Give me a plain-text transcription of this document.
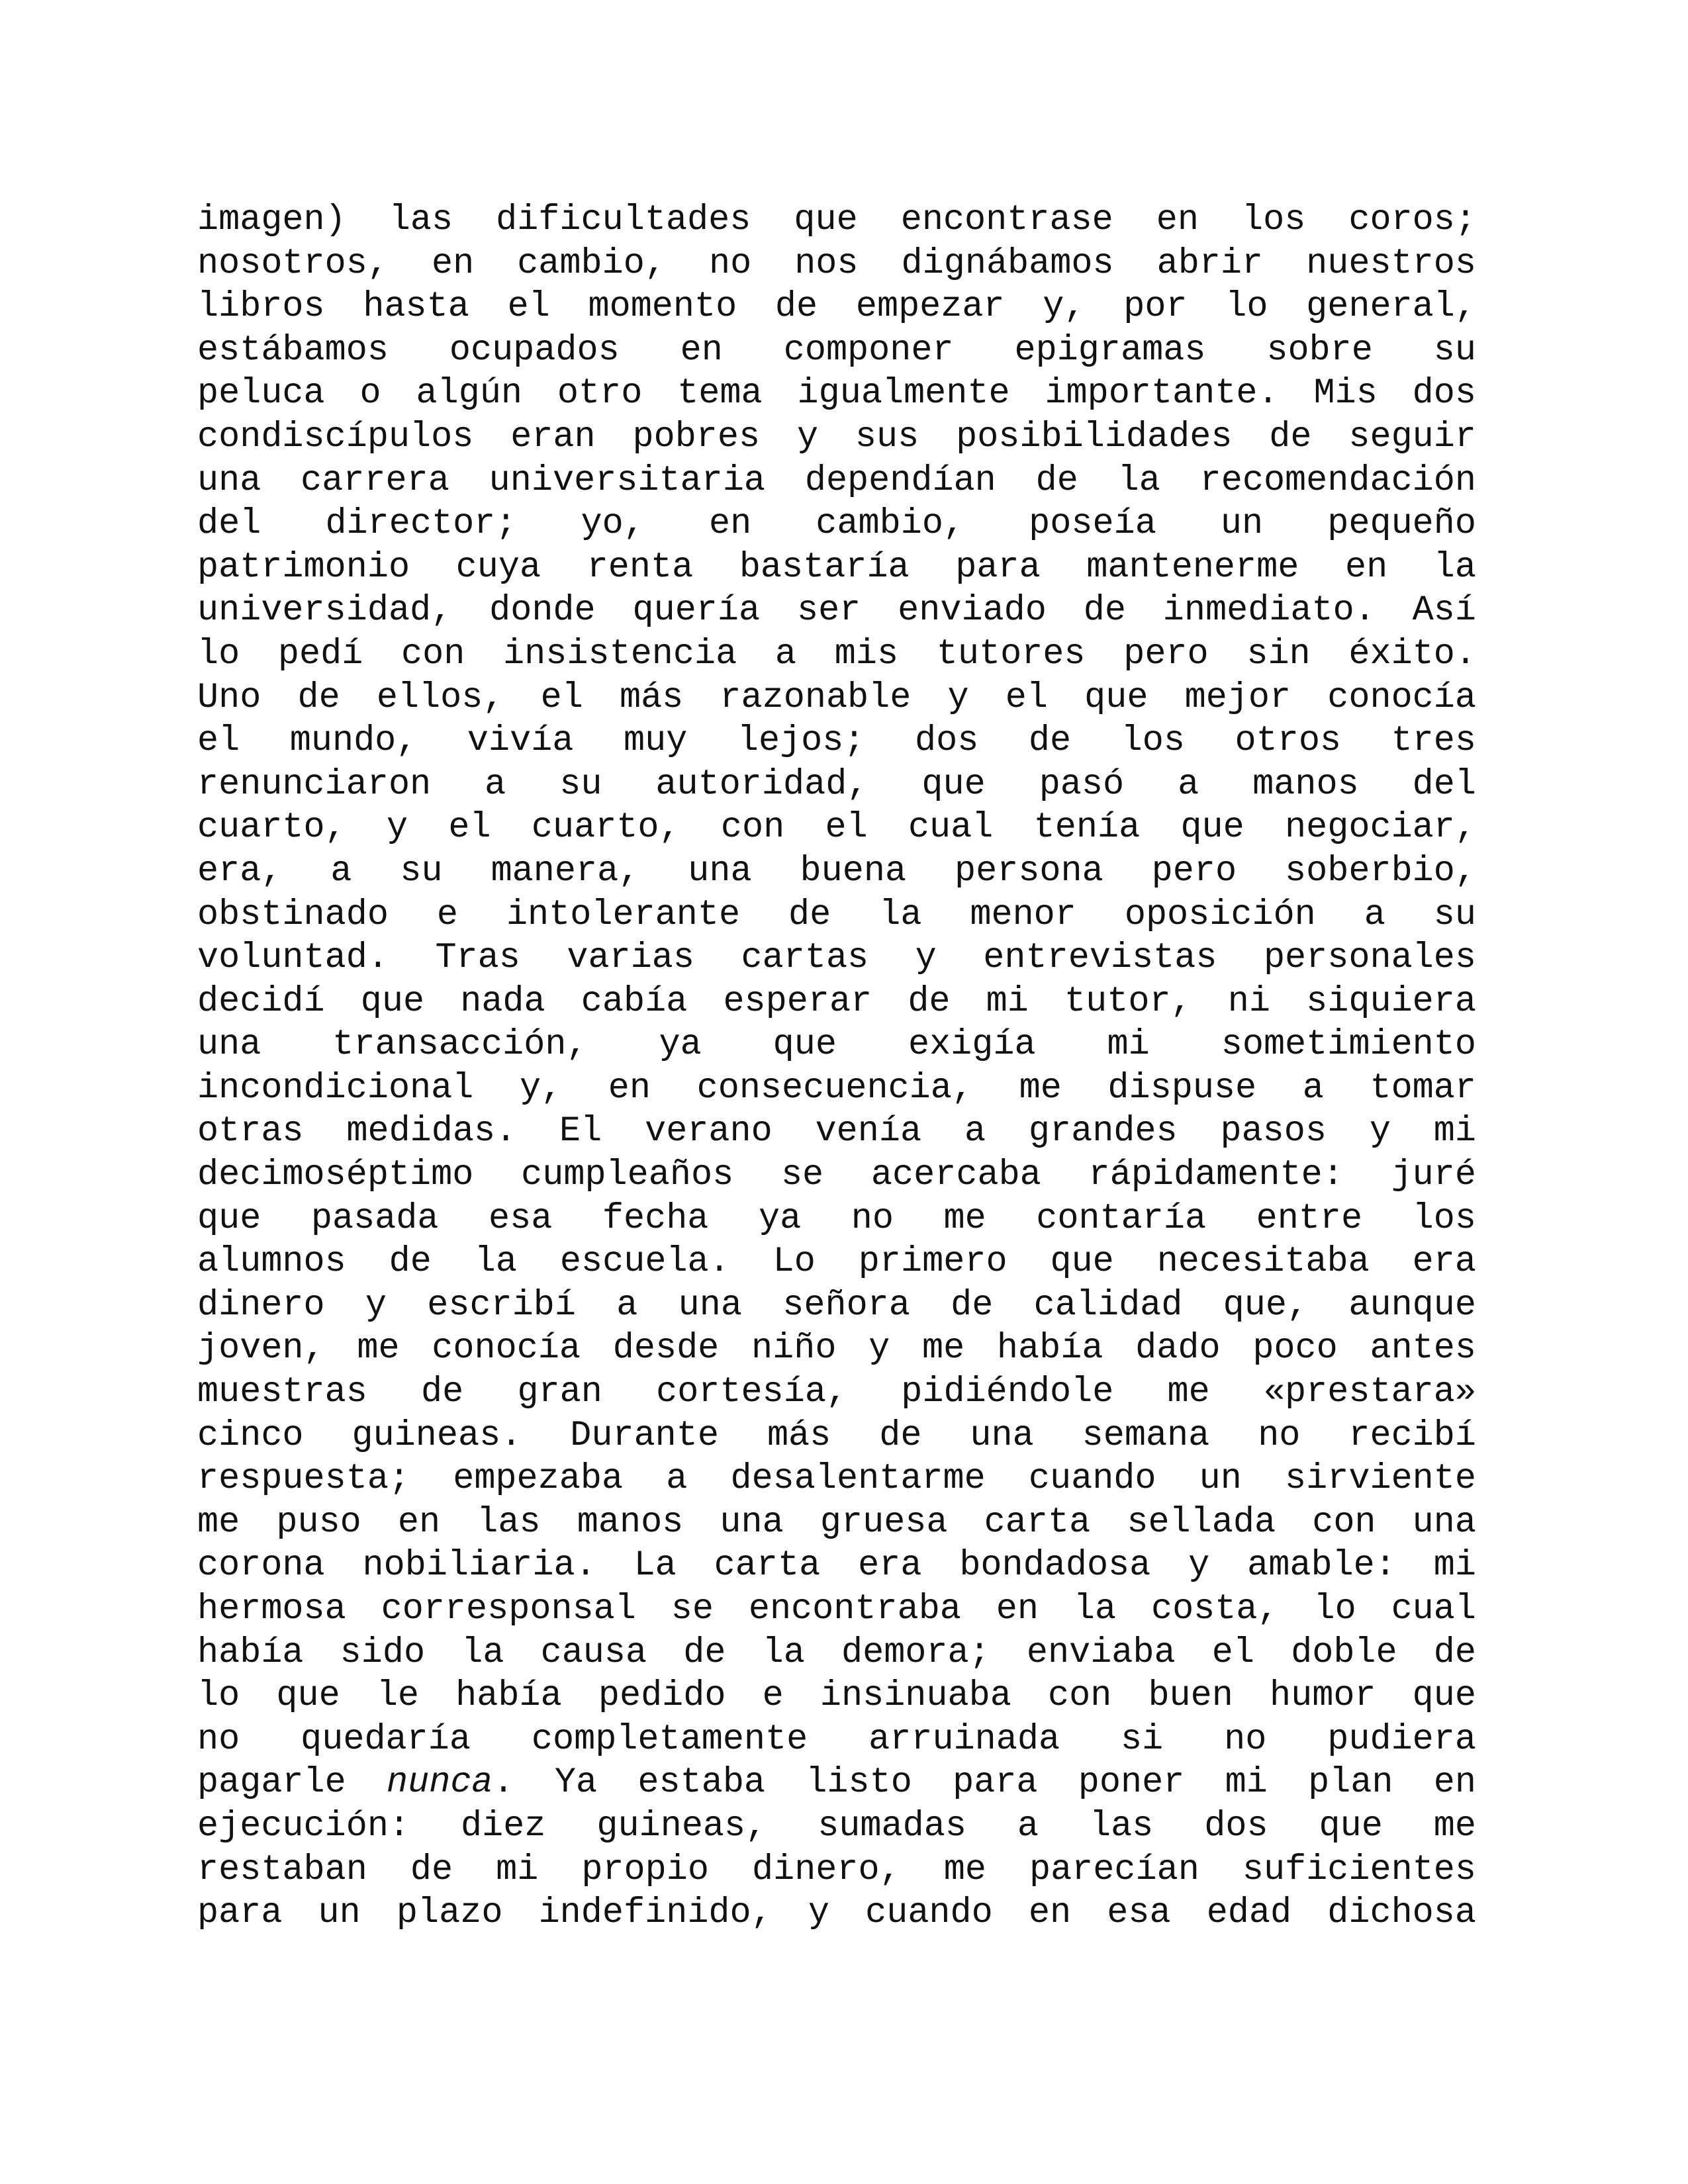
imagen) las dificultades que encontrase en los coros;
nosotros, en cambio, no nos dignábamos abrir nuestros
libros hasta el momento de empezar y, por lo general,
estábamos ocupados en componer epigramas sobre su
peluca o algún otro tema igualmente importante. Mis dos
condiscípulos eran pobres y sus posibilidades de seguir
una carrera universitaria dependían de la recomendación
del director; yo, en cambio, poseía un pequeño
patrimonio cuya renta bastaría para mantenerme en la
universidad, donde quería ser enviado de inmediato. Así
lo pedí con insistencia a mis tutores pero sin éxito.
Uno de ellos, el más razonable y el que mejor conocía
el mundo, vivía muy lejos; dos de los otros tres
renunciaron a su autoridad, que pasó a manos del
cuarto, y el cuarto, con el cual tenía que negociar,
era, a su manera, una buena persona pero soberbio,
obstinado e intolerante de la menor oposición a su
voluntad. Tras varias cartas y entrevistas personales
decidí que nada cabía esperar de mi tutor, ni siquiera
una transacción, ya que exigía mi sometimiento
incondicional y, en consecuencia, me dispuse a tomar
otras medidas. El verano venía a grandes pasos y mi
decimoséptimo cumpleaños se acercaba rápidamente: juré
que pasada esa fecha ya no me contaría entre los
alumnos de la escuela. Lo primero que necesitaba era
dinero y escribí a una señora de calidad que, aunque
joven, me conocía desde niño y me había dado poco antes
muestras de gran cortesía, pidiéndole me «prestara»
cinco guineas. Durante más de una semana no recibí
respuesta; empezaba a desalentarme cuando un sirviente
me puso en las manos una gruesa carta sellada con una
corona nobiliaria. La carta era bondadosa y amable: mi
hermosa corresponsal se encontraba en la costa, lo cual
había sido la causa de la demora; enviaba el doble de
lo que le había pedido e insinuaba con buen humor que
no quedaría completamente arruinada si no pudiera
pagarle nunca. Ya estaba listo para poner mi plan en
ejecución: diez guineas, sumadas a las dos que me
restaban de mi propio dinero, me parecían suficientes
para un plazo indefinido, y cuando en esa edad dichosa
